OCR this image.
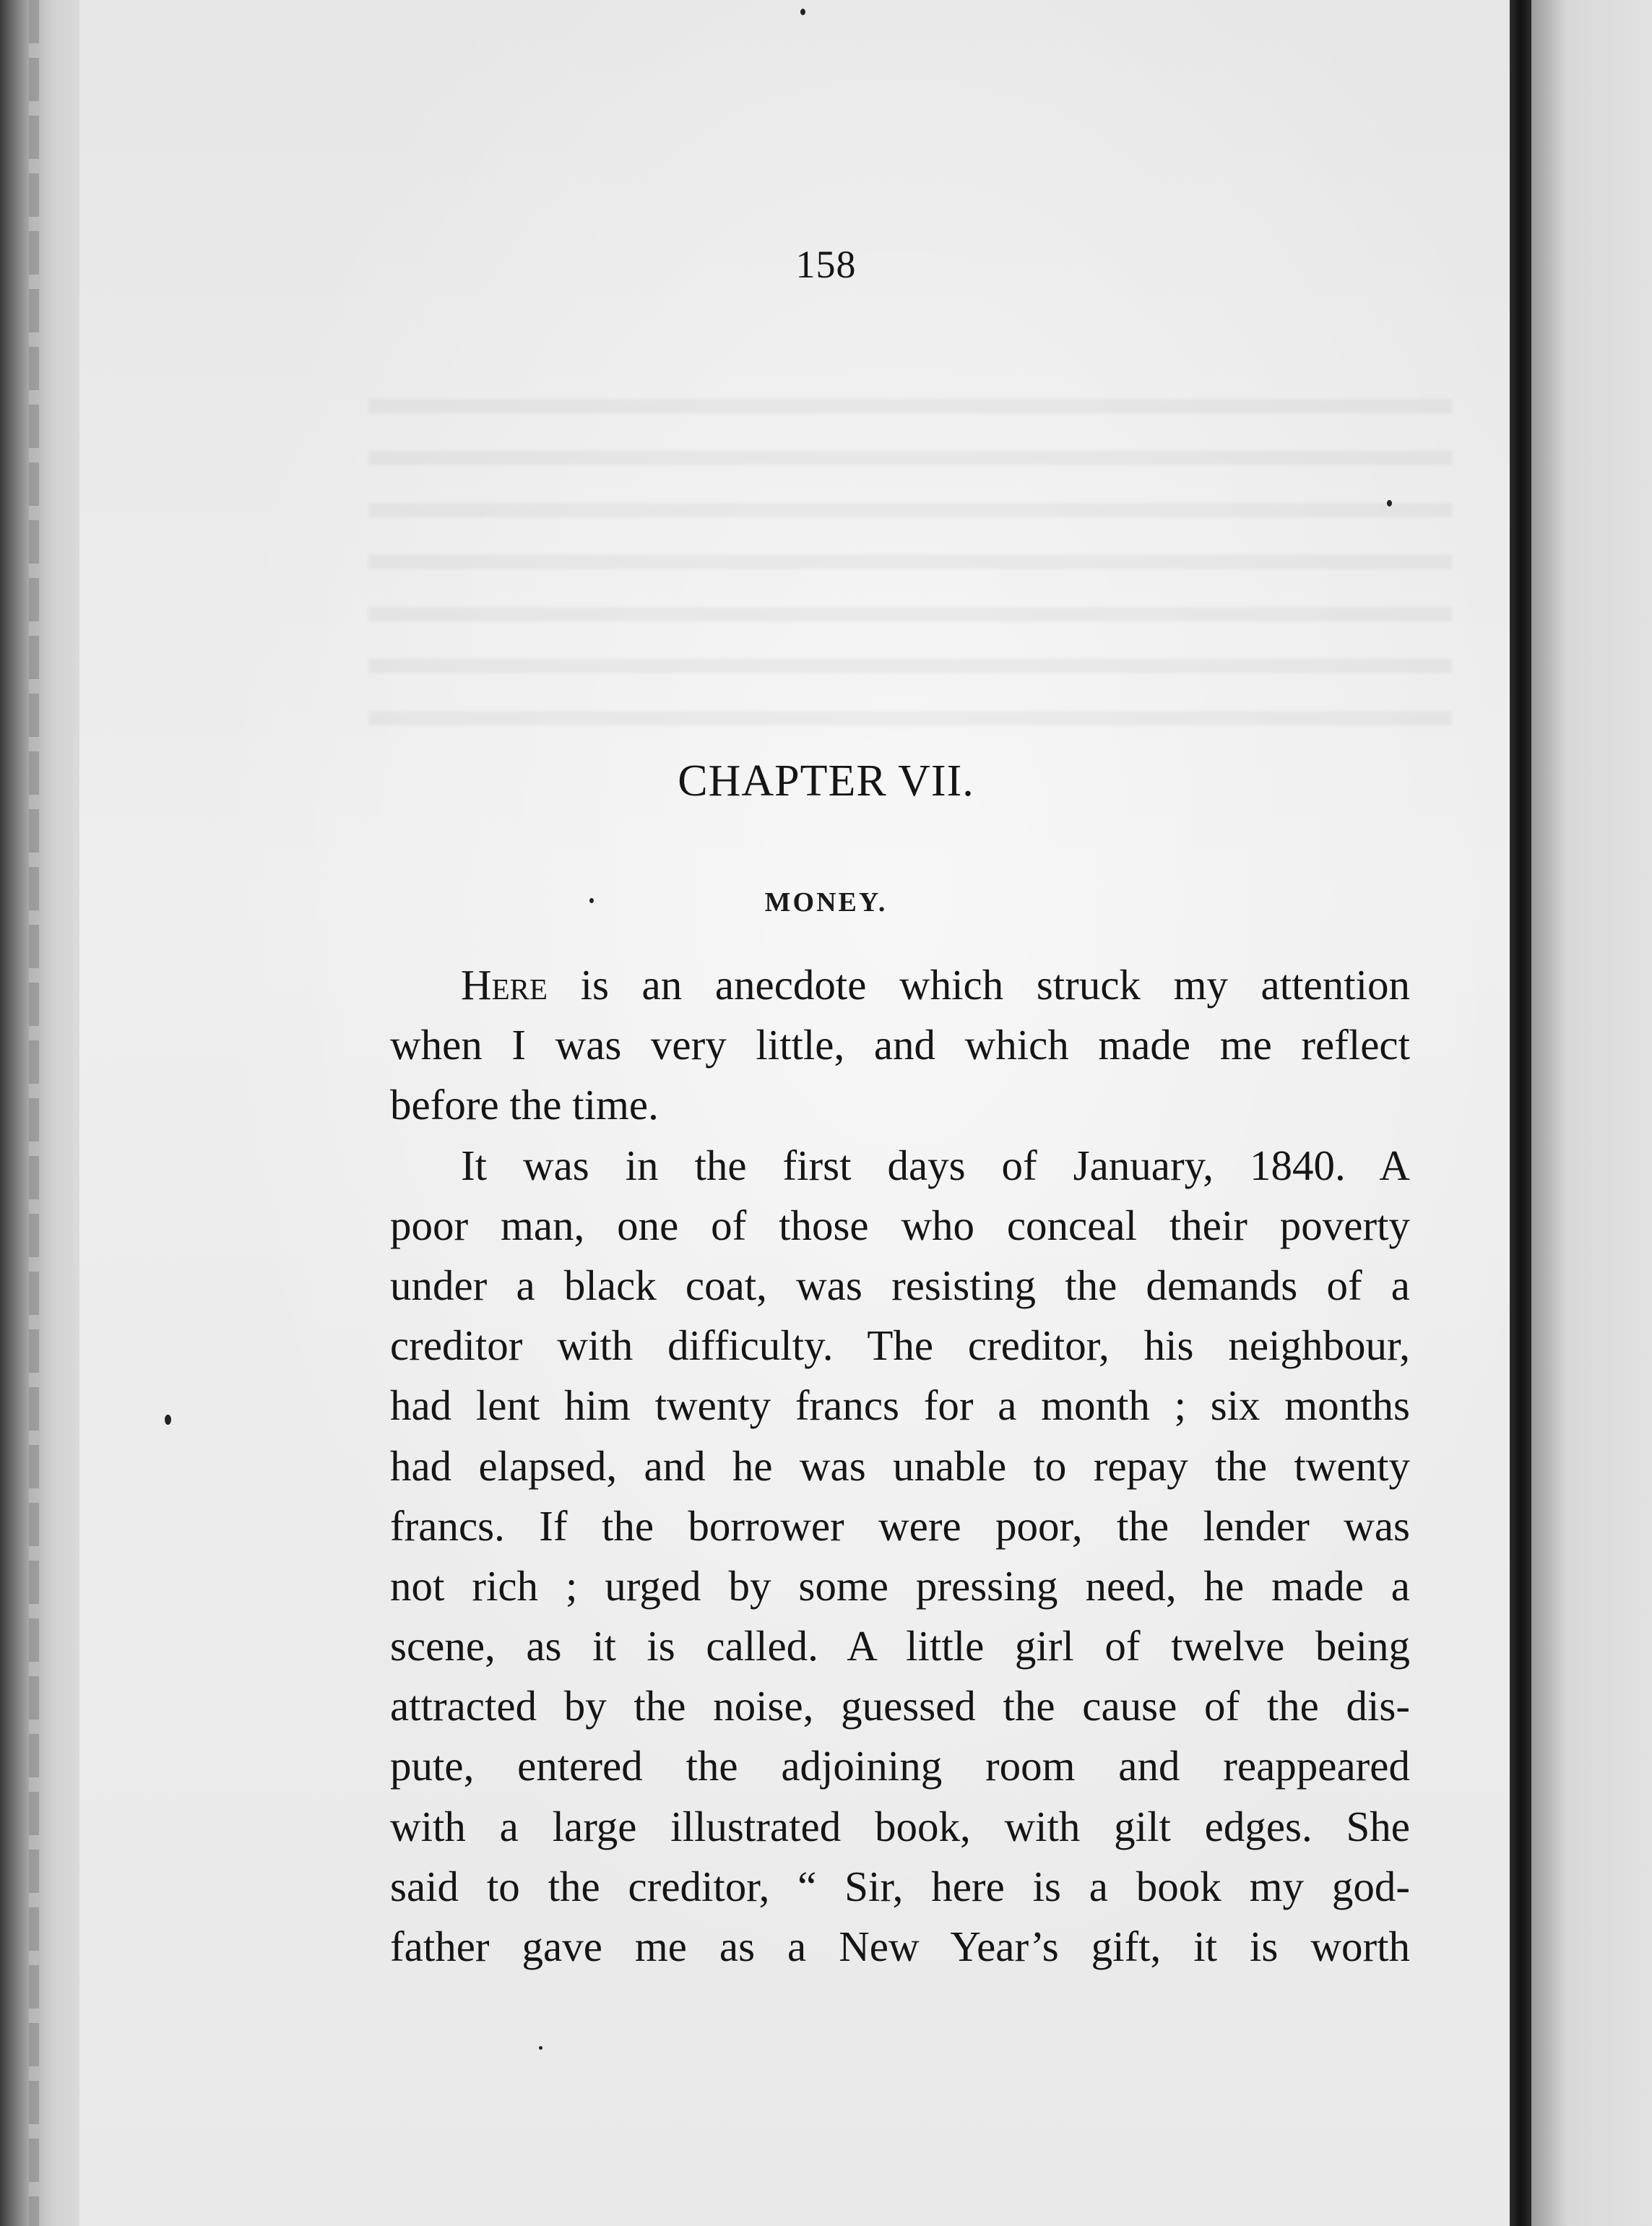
158
CHAPTER VII.
MONEY.
Here is an anecdote which struck my attention
when I was very little, and which made me reflect
before the time.
It was in the first days of January, 1840. A
poor man, one of those who conceal their poverty
under a black coat, was resisting the demands of a
creditor with difficulty. The creditor, his neighbour,
had lent him twenty francs for a month ; six months
had elapsed, and he was unable to repay the twenty
francs. If the borrower were poor, the lender was
not rich ; urged by some pressing need, he made a
scene, as it is called. A little girl of twelve being
attracted by the noise, guessed the cause of the dis-
pute, entered the adjoining room and reappeared
with a large illustrated book, with gilt edges. She
said to the creditor, “ Sir, here is a book my god-
father gave me as a New Year’s gift, it is worth
